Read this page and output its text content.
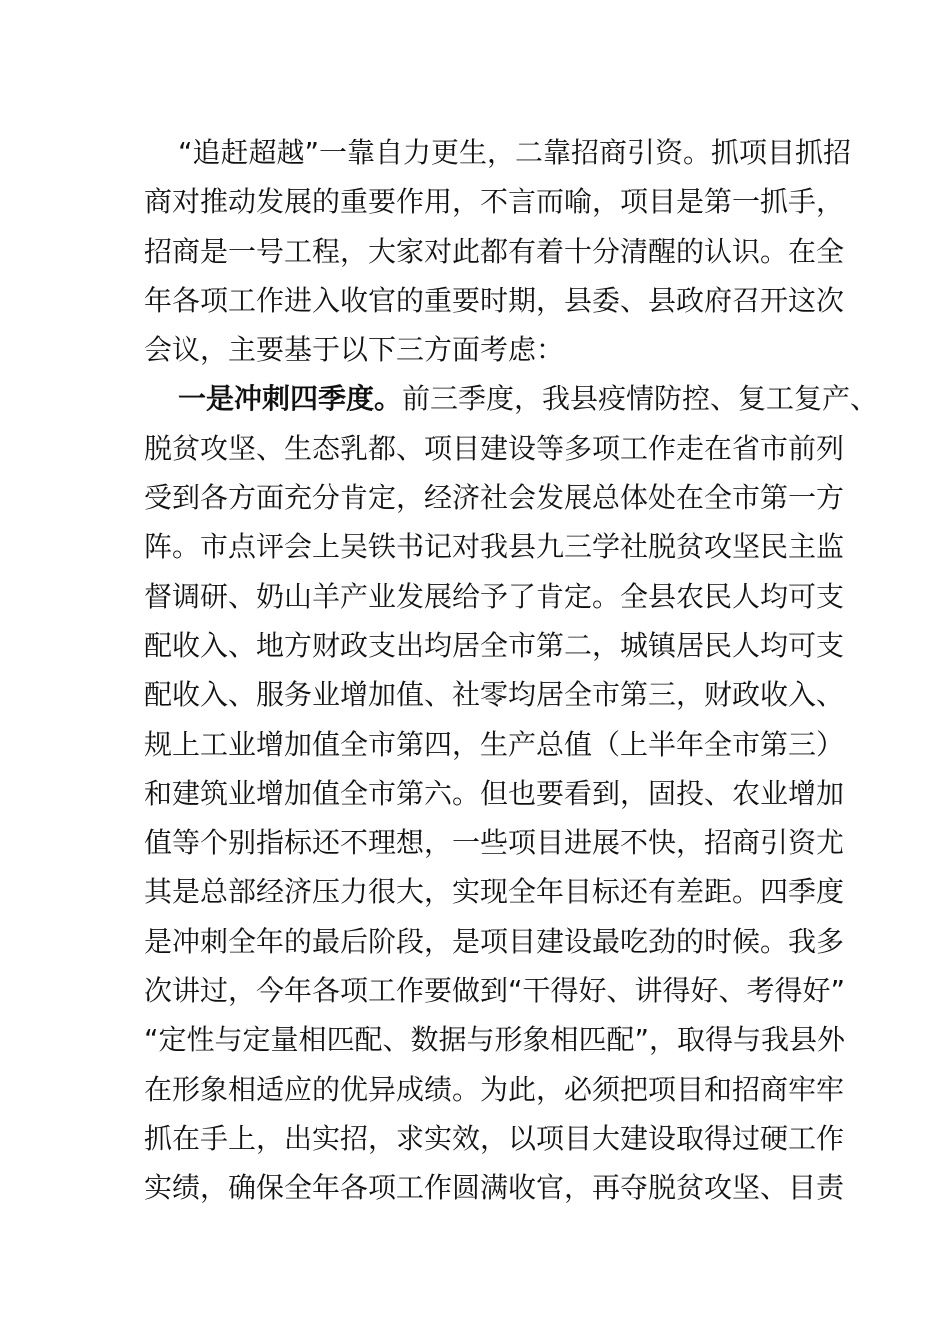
“追赶超越”一靠自力更生，二靠招商引资。抓项目抓招
商对推动发展的重要作用，不言而喻，项目是第一抓手，
招商是一号工程，大家对此都有着十分清醒的认识。在全
年各项工作进入收官的重要时期，县委、县政府召开这次
会议，主要基于以下三方面考虑：
一是冲刺四季度。前三季度，我县疫情防控、复工复产、
脱贫攻坚、生态乳都、项目建设等多项工作走在省市前列
受到各方面充分肯定，经济社会发展总体处在全市第一方
阵。市点评会上吴铁书记对我县九三学社脱贫攻坚民主监
督调研、奶山羊产业发展给予了肯定。全县农民人均可支
配收入、地方财政支出均居全市第二，城镇居民人均可支
配收入、服务业增加值、社零均居全市第三，财政收入、
规上工业增加值全市第四，生产总值（上半年全市第三）
和建筑业增加值全市第六。但也要看到，固投、农业增加
值等个别指标还不理想，一些项目进展不快，招商引资尤
其是总部经济压力很大，实现全年目标还有差距。四季度
是冲刺全年的最后阶段，是项目建设最吃劲的时候。我多
次讲过，今年各项工作要做到“干得好、讲得好、考得好”
“定性与定量相匹配、数据与形象相匹配”，取得与我县外
在形象相适应的优异成绩。为此，必须把项目和招商牢牢
抓在手上，出实招，求实效，以项目大建设取得过硬工作
实绩，确保全年各项工作圆满收官，再夺脱贫攻坚、目责
